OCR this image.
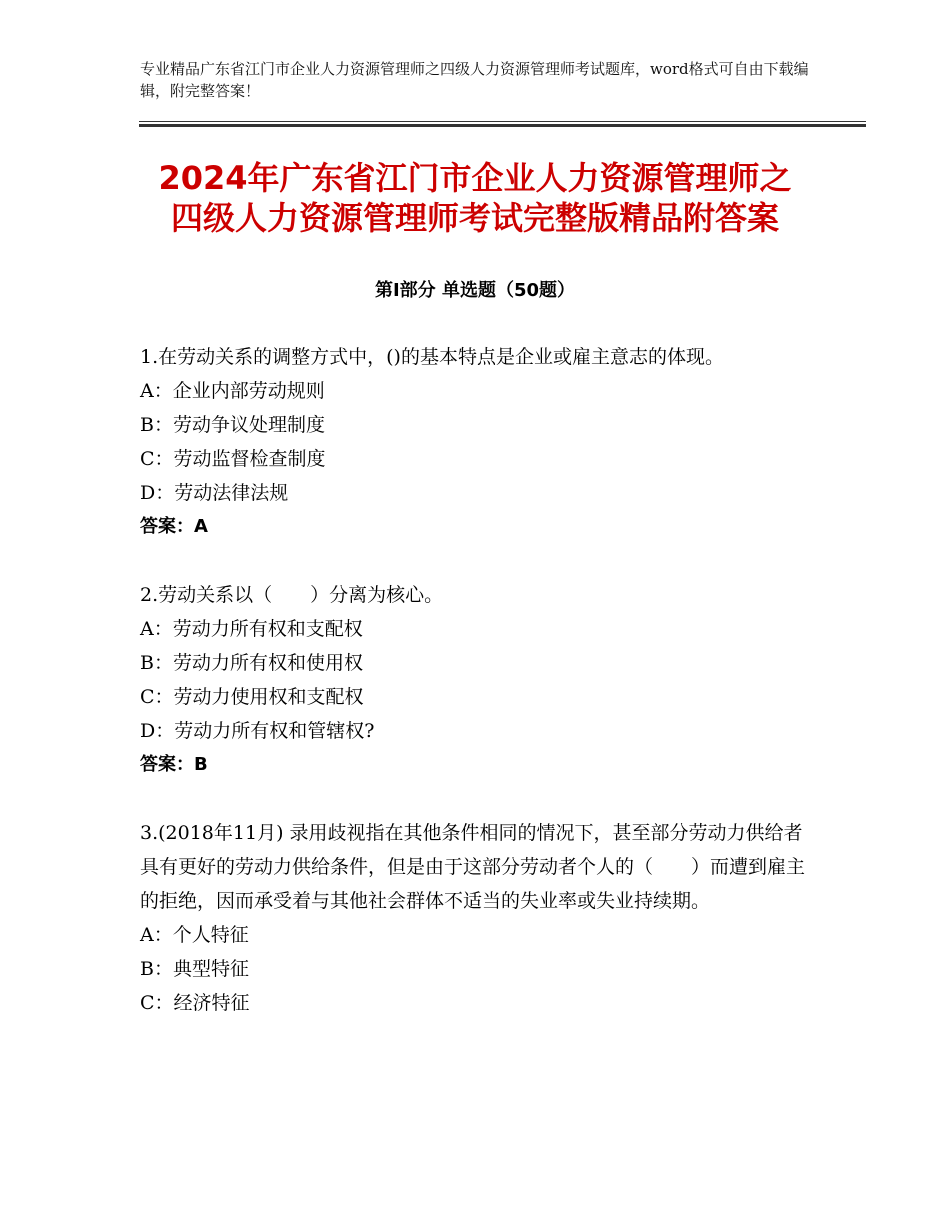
专业精品广东省江门市企业人力资源管理师之四级人力资源管理师考试题库，word格式可自由下载编辑，附完整答案！
2024年广东省江门市企业人力资源管理师之
四级人力资源管理师考试完整版精品附答案
第Ⅰ部分 单选题（50题）
1.在劳动关系的调整方式中，()的基本特点是企业或雇主意志的体现。
A：企业内部劳动规则
B：劳动争议处理制度
C：劳动监督检查制度
D：劳动法律法规
答案：A
2.劳动关系以（　　）分离为核心。
A：劳动力所有权和支配权
B：劳动力所有权和使用权
C：劳动力使用权和支配权
D：劳动力所有权和管辖权?
答案：B
3.(2018年11月) 录用歧视指在其他条件相同的情况下，甚至部分劳动力供给者具有更好的劳动力供给条件，但是由于这部分劳动者个人的（　　）而遭到雇主的拒绝，因而承受着与其他社会群体不适当的失业率或失业持续期。
A：个人特征
B：典型特征
C：经济特征
